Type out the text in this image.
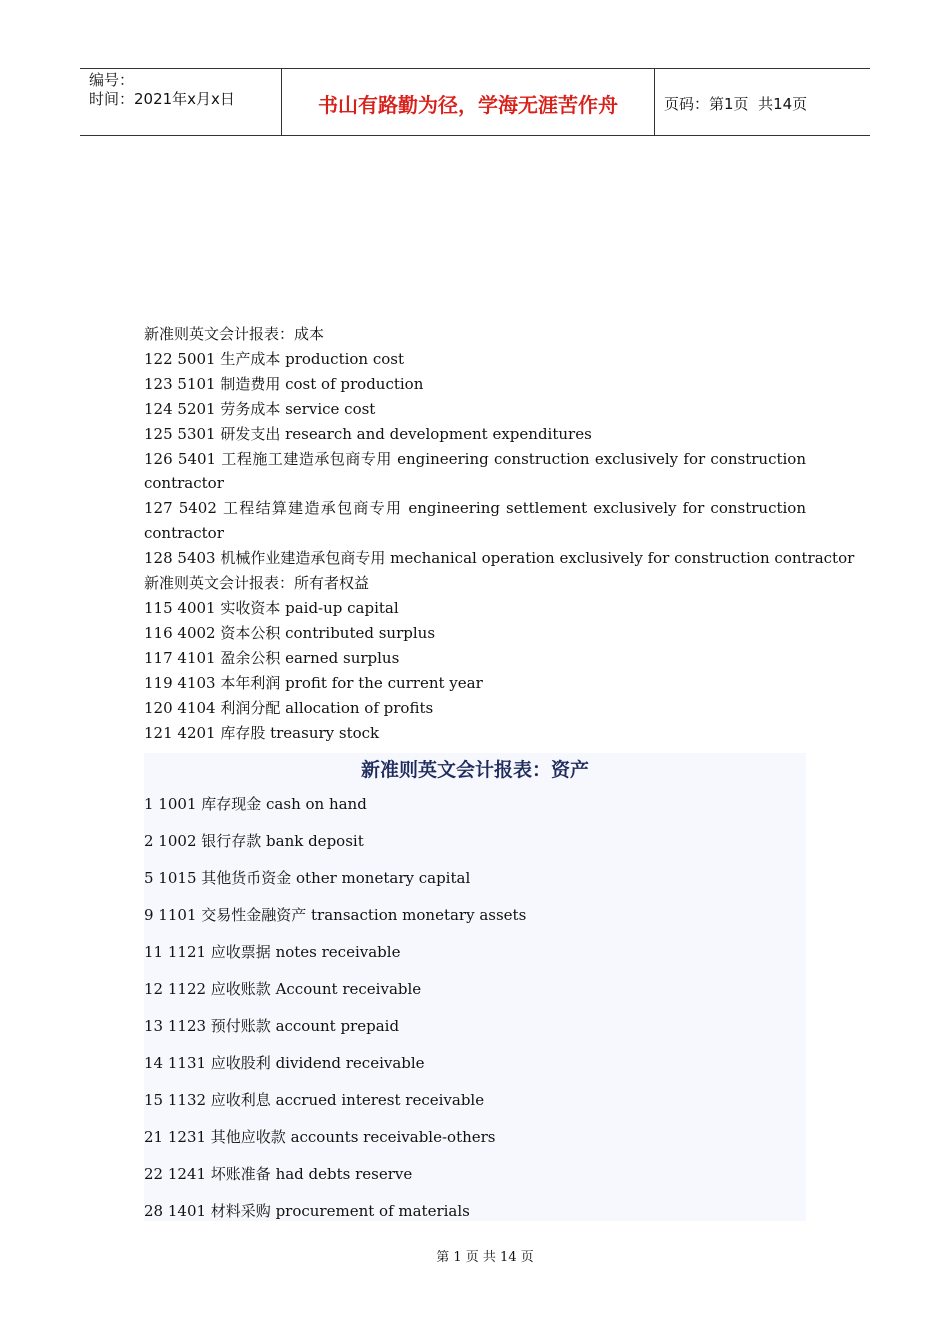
编号：
时间：2021年x月x日	书山有路勤为径，学海无涯苦作舟	页码：第1页  共14页
新准则英文会计报表：成本
122 5001 生产成本 production cost
123 5101 制造费用 cost of production
124 5201 劳务成本 service cost
125 5301 研发支出 research and development expenditures
126 5401 工程施工建造承包商专用 engineering construction exclusively for construction contractor
127 5402 工程结算建造承包商专用 engineering settlement exclusively for construction contractor
128 5403 机械作业建造承包商专用 mechanical operation exclusively for construction contractor
新准则英文会计报表：所有者权益
115 4001 实收资本 paid-up capital
116 4002 资本公积 contributed surplus
117 4101 盈余公积 earned surplus
119 4103 本年利润 profit for the current year
120 4104 利润分配 allocation of profits
121 4201 库存股 treasury stock
新准则英文会计报表：资产
1 1001 库存现金 cash on hand
2 1002 银行存款 bank deposit
5 1015 其他货币资金 other monetary capital
9 1101 交易性金融资产 transaction monetary assets
11 1121 应收票据 notes receivable
12 1122 应收账款 Account receivable
13 1123 预付账款 account prepaid
14 1131 应收股利 dividend receivable
15 1132 应收利息 accrued interest receivable
21 1231 其他应收款 accounts receivable-others
22 1241 坏账准备 had debts reserve
28 1401 材料采购 procurement of materials
第 1 页 共 14 页
